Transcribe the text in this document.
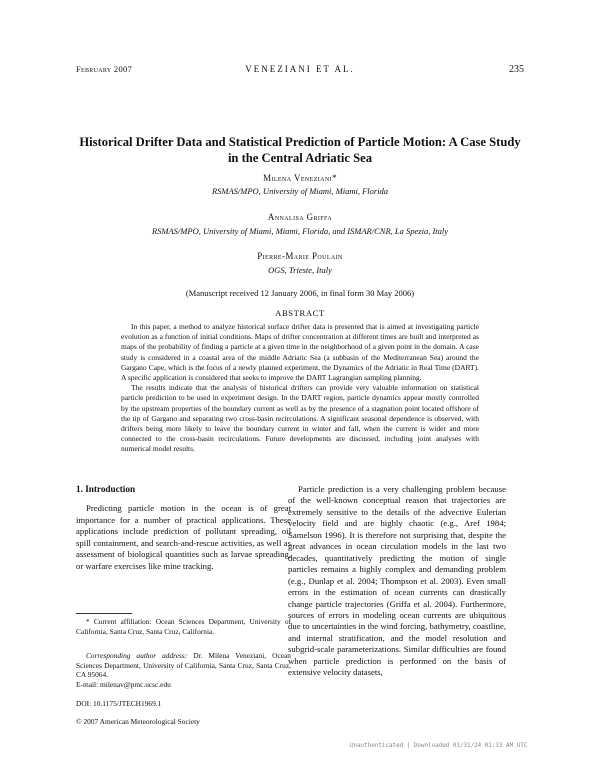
February 2007	VENEZIANI ET AL.	235
Historical Drifter Data and Statistical Prediction of Particle Motion: A Case Study in the Central Adriatic Sea
Milena Veneziani*
RSMAS/MPO, University of Miami, Miami, Florida
Annalisa Griffa
RSMAS/MPO, University of Miami, Miami, Florida, and ISMAR/CNR, La Spezia, Italy
Pierre-Marie Poulain
OGS, Trieste, Italy
(Manuscript received 12 January 2006, in final form 30 May 2006)
ABSTRACT

In this paper, a method to analyze historical surface drifter data is presented that is aimed at investigating particle evolution as a function of initial conditions. Maps of drifter concentration at different times are built and interpreted as maps of the probability of finding a particle at a given time in the neighborhood of a given point in the domain. A case study is considered in a coastal area of the middle Adriatic Sea (a subbasin of the Mediterranean Sea) around the Gargano Cape, which is the focus of a newly planned experiment, the Dynamics of the Adriatic in Real Time (DART). A specific application is considered that seeks to improve the DART Lagrangian sampling planning.

The results indicate that the analysis of historical drifters can provide very valuable information on statistical particle prediction to be used in experiment design. In the DART region, particle dynamics appear mostly controlled by the upstream properties of the boundary current as well as by the presence of a stagnation point located offshore of the tip of Gargano and separating two cross-basin recirculations. A significant seasonal dependence is observed, with drifters being more likely to leave the boundary current in winter and fall, when the current is wider and more connected to the cross-basin recirculations. Future developments are discussed, including joint analyses with numerical model results.

1. Introduction

Predicting particle motion in the ocean is of great importance for a number of practical applications. These applications include prediction of pollutant spreading, oil spill containment, and search-and-rescue activities, as well as assessment of biological quantities such as larvae spreading, or warfare exercises like mine tracking.

Particle prediction is a very challenging problem because of the well-known conceptual reason that trajectories are extremely sensitive to the details of the advective Eulerian velocity field and are highly chaotic (e.g., Aref 1984; Samelson 1996). It is therefore not surprising that, despite the great advances in ocean circulation models in the last two decades, quantitatively predicting the motion of single particles remains a highly complex and demanding problem (e.g., Dunlap et al. 2004; Thompson et al. 2003). Even small errors in the estimation of ocean currents can drastically change particle trajectories (Griffa et al. 2004). Furthermore, sources of errors in modeling ocean currents are ubiquitous due to uncertainties in the wind forcing, bathymetry, coastline, and internal stratification, and the model resolution and subgrid-scale parameterizations. Similar difficulties are found when particle prediction is performed on the basis of extensive velocity datasets,

* Current affiliation: Ocean Sciences Department, University of California, Santa Cruz, Santa Cruz, California.

Corresponding author address: Dr. Milena Veneziani, Ocean Sciences Department, University of California, Santa Cruz, Santa Cruz, CA 95064.

E-mail: milenav@pmc.ucsc.edu

DOI: 10.1175/JTECH1969.1
© 2007 American Meteorological Society
Unauthenticated | Downloaded 03/31/24 01:33 AM UTC
